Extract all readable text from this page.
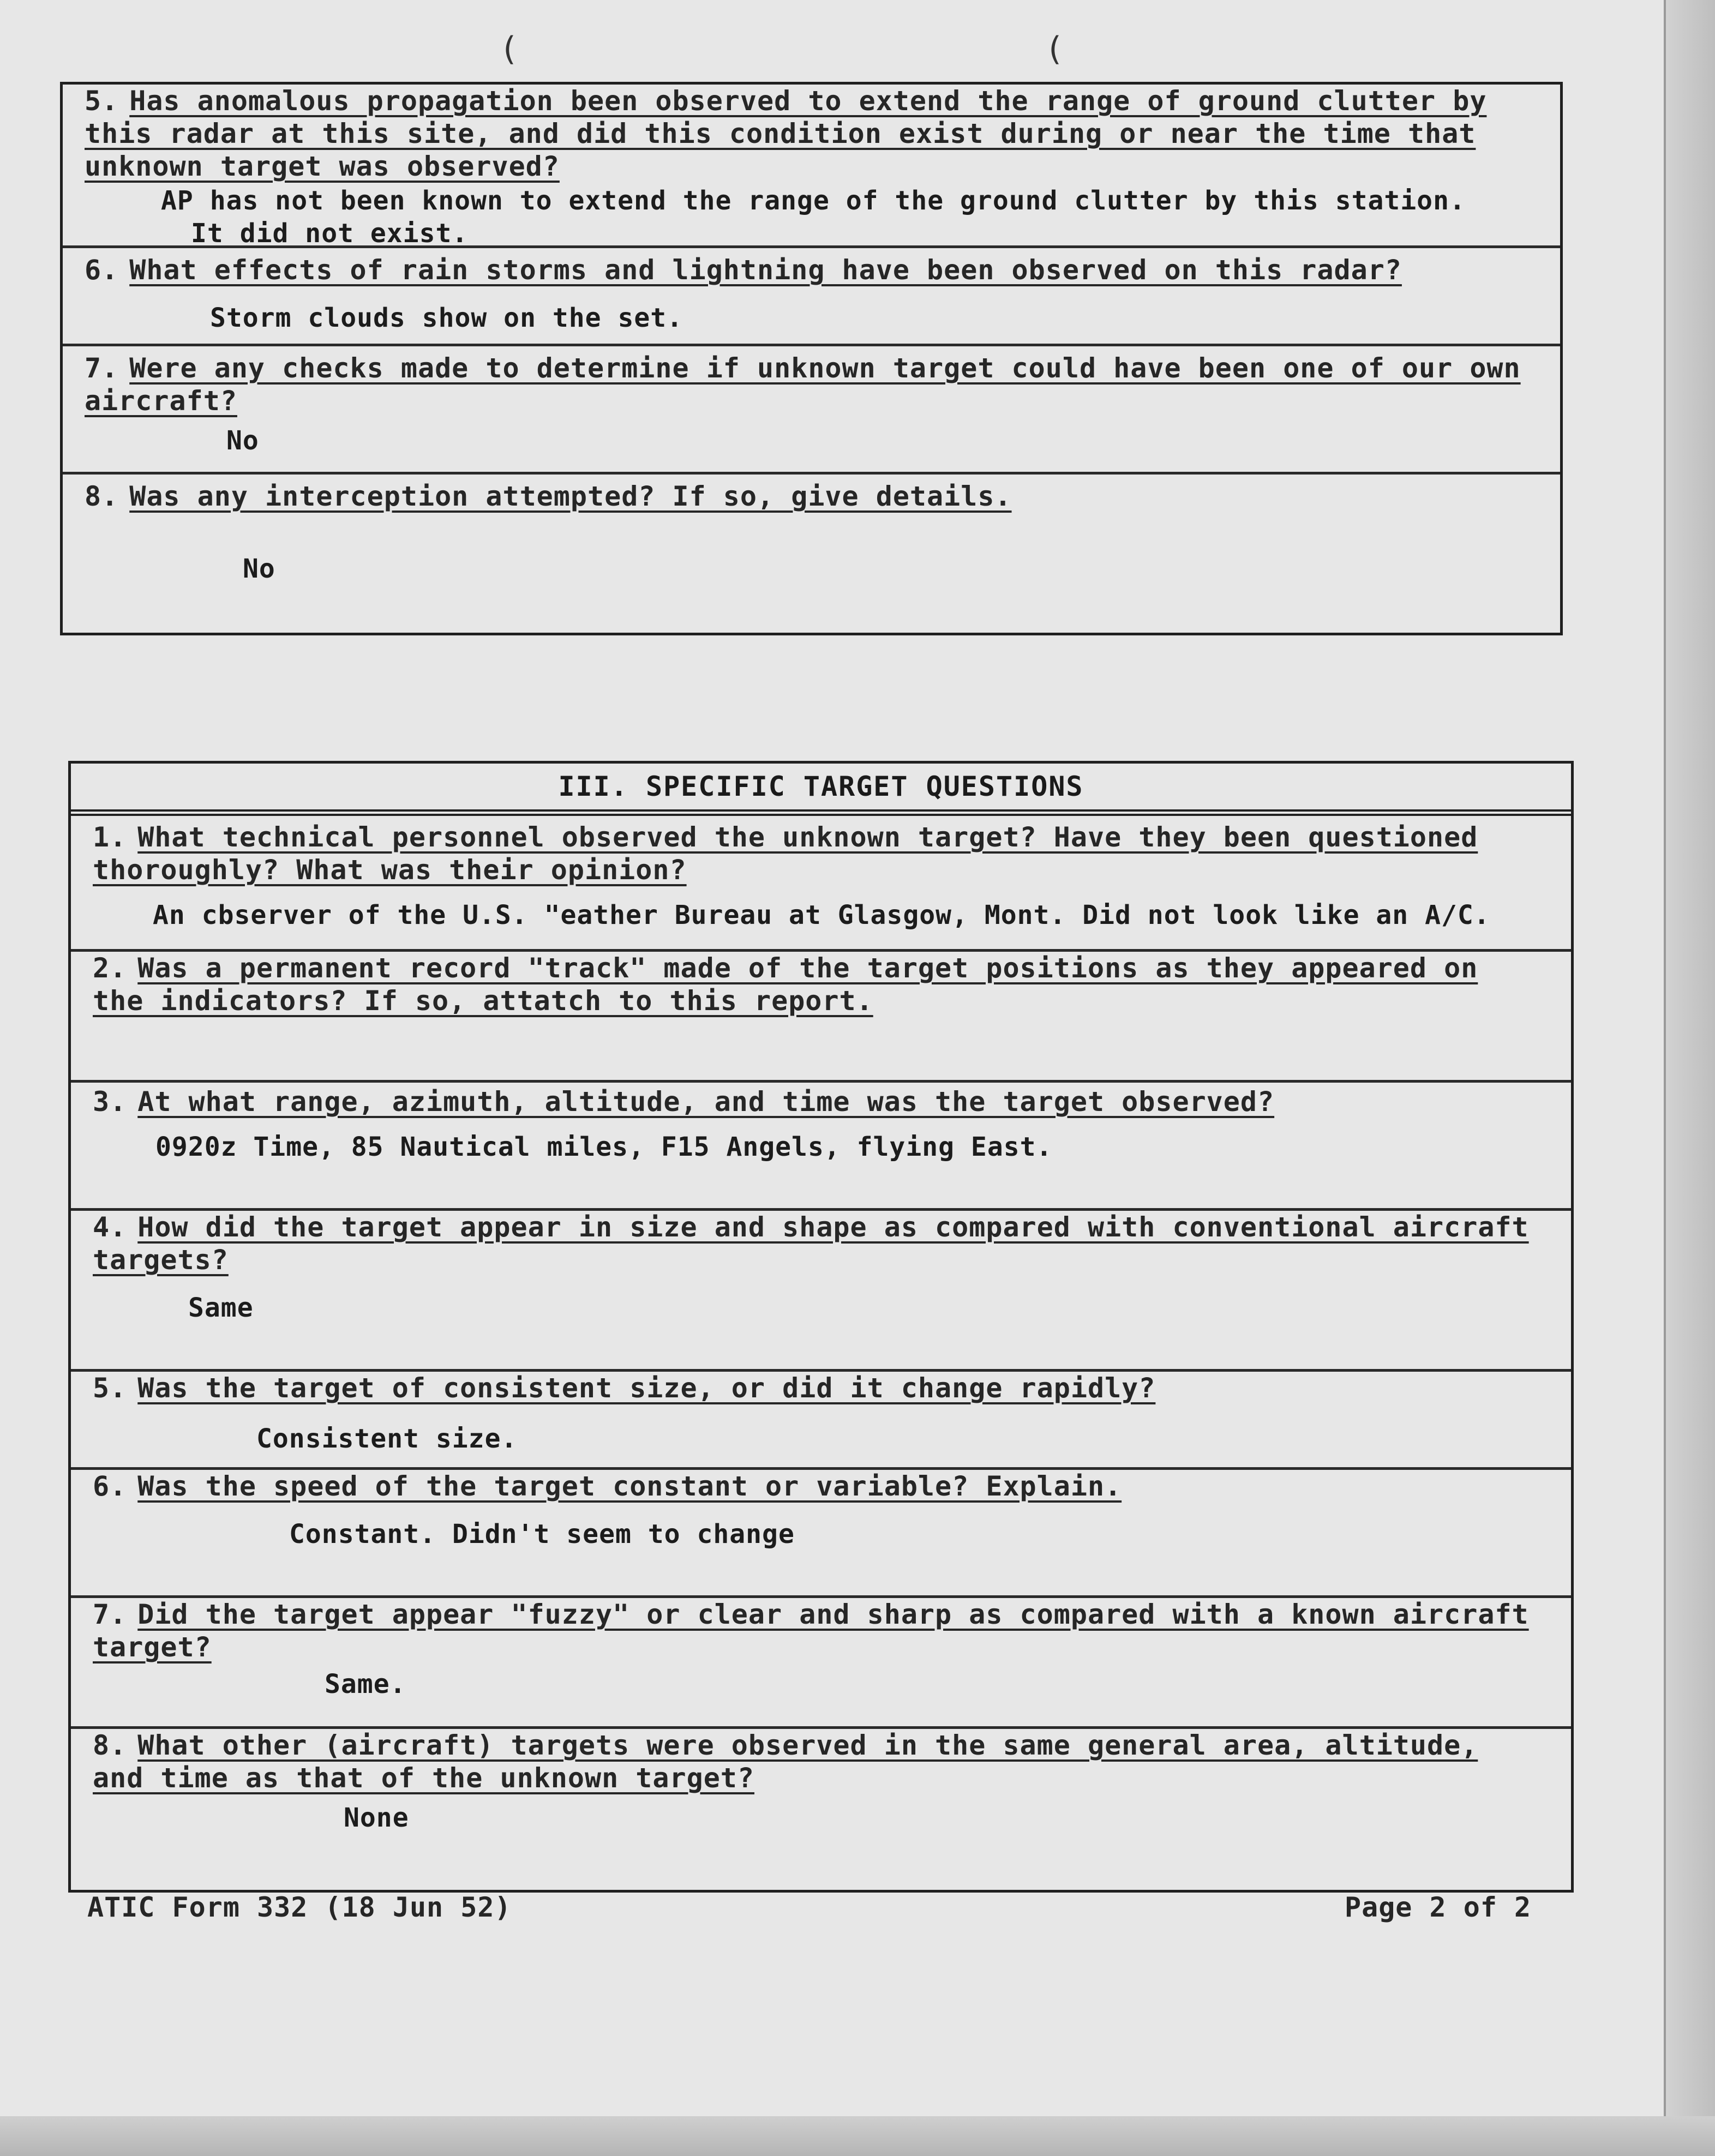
(	(
5. Has anomalous propagation been observed to extend the range of ground clutter by this radar at this site, and did this condition exist during or near the time that unknown target was observed?
AP has not been known to extend the range of the ground clutter by this station.
It did not exist.
6. What effects of rain storms and lightning have been observed on this radar?
Storm clouds show on the set.
7. Were any checks made to determine if unknown target could have been one of our own aircraft?
No
8. Was any interception attempted? If so, give details.
No
III. SPECIFIC TARGET QUESTIONS
1. What technical personnel observed the unknown target? Have they been questioned thoroughly? What was their opinion?
An cbserver of the U.S. "eather Bureau at Glasgow, Mont. Did not look like an A/C.
2. Was a permanent record "track" made of the target positions as they appeared on the indicators? If so, attatch to this report.
3. At what range, azimuth, altitude, and time was the target observed?
0920z Time, 85 Nautical miles, F15 Angels, flying East.
4. How did the target appear in size and shape as compared with conventional aircraft targets?
Same
5. Was the target of consistent size, or did it change rapidly?
Consistent size.
6. Was the speed of the target constant or variable? Explain.
Constant. Didn't seem to change
7. Did the target appear "fuzzy" or clear and sharp as compared with a known aircraft target?
Same.
8. What other (aircraft) targets were observed in the same general area, altitude, and time as that of the unknown target?
None
ATIC Form 332 (18 Jun 52)	Page 2 of 2
